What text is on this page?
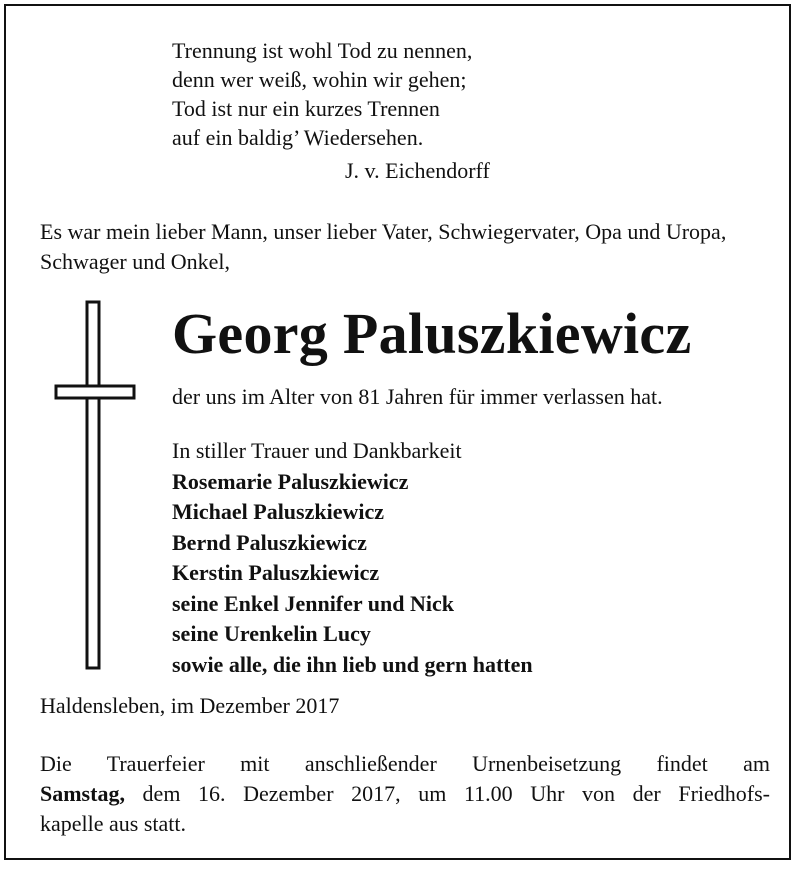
Trennung ist wohl Tod zu nennen,
denn wer weiß, wohin wir gehen;
Tod ist nur ein kurzes Trennen
auf ein baldig’ Wiedersehen.
J. v. Eichendorff
Es war mein lieber Mann, unser lieber Vater, Schwiegervater, Opa und Uropa, Schwager und Onkel,
Georg Paluszkiewicz
der uns im Alter von 81 Jahren für immer verlassen hat.
In stiller Trauer und Dankbarkeit
Rosemarie Paluszkiewicz
Michael Paluszkiewicz
Bernd Paluszkiewicz
Kerstin Paluszkiewicz
seine Enkel Jennifer und Nick
seine Urenkelin Lucy
sowie alle, die ihn lieb und gern hatten
Haldensleben, im Dezember 2017
Die Trauerfeier mit anschließender Urnenbeisetzung findet am
Samstag, dem 16. Dezember 2017, um 11.00 Uhr von der Friedhofs-
kapelle aus statt.
